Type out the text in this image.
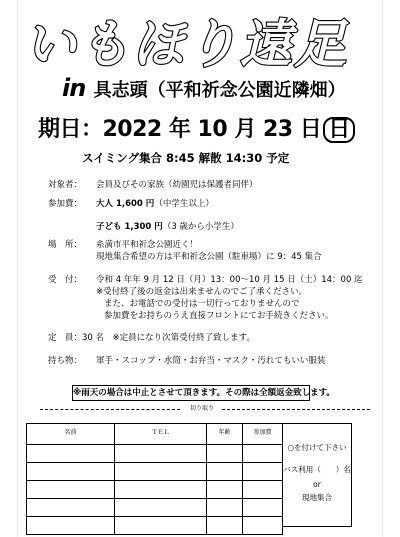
いもほり遠足
in 具志頭（平和祈念公園近隣畑）
期日：2022 年 10 月 23 日 日
スイミング集合 8:45 解散 14:30 予定
対象者： 会員及びその家族（幼園児は保護者同伴）
参加費： 大人 1,600 円（中学生以上）
子ども 1,300 円（3 歳から小学生）
場　所： 糸満市平和祈念公園近く！
現地集合希望の方は平和祈念公園（駐車場）に 9：45 集合
受　付： 令和 4 年年 9 月 12 日（月）13：00～10 月 15 日（土）14：00 迄
※受付終了後の返金は出来ませんのでご了承ください。
また、お電話での受付は一切行っておりませんので
参加費をお持ちのうえ直接フロントにてお手続きください。
定　員：30 名　※定員になり次第受付終了致します。
持ち物： 軍手・スコップ・水筒・お弁当・マスク・汚れてもいい服装
※雨天の場合は中止とさせて頂きます。その際は全額返金致します。
切り取り
名前	ＴＥＬ	年齢	参加費

○を付けて下さい
バス利用（　　）名
or
現地集合
